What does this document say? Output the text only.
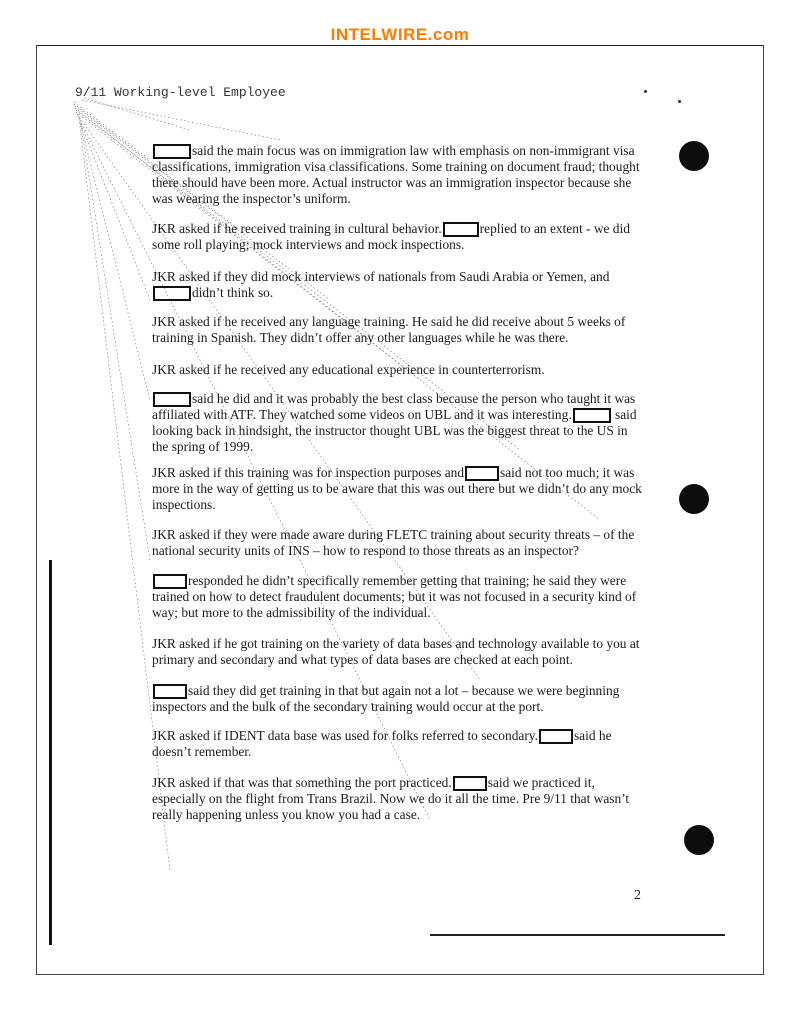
INTELWIRE.com
9/11 Working-level Employee

said the main focus was on immigration law with emphasis on non-immigrant visa classifications, immigration visa classifications. Some training on document fraud; thought there should have been more. Actual instructor was an immigration inspector because she was wearing the inspector’s uniform.

JKR asked if he received training in cultural behavior.	replied to an extent - we did some roll playing; mock interviews and mock inspections.

JKR asked if they did mock interviews of nationals from Saudi Arabia or Yemen, and didn’t think so.

JKR asked if he received any language training. He said he did receive about 5 weeks of training in Spanish. They didn’t offer any other languages while he was there.

JKR asked if he received any educational experience in counterterrorism.

said he did and it was probably the best class because the person who taught it was affiliated with ATF. They watched some videos on UBL and it was interesting.	said looking back in hindsight, the instructor thought UBL was the biggest threat to the US in the spring of 1999.

JKR asked if this training was for inspection purposes and	said not too much; it was more in the way of getting us to be aware that this was out there but we didn’t do any mock inspections.

JKR asked if they were made aware during FLETC training about security threats – of the national security units of INS – how to respond to those threats as an inspector?

responded he didn’t specifically remember getting that training; he said they were trained on how to detect fraudulent documents; but it was not focused in a security kind of way; but more to the admissibility of the individual.

JKR asked if he got training on the variety of data bases and technology available to you at primary and secondary and what types of data bases are checked at each point.

said they did get training in that but again not a lot – because we were beginning inspectors and the bulk of the secondary training would occur at the port.

JKR asked if IDENT data base was used for folks referred to secondary.	said he doesn’t remember.

JKR asked if that was that something the port practiced.	said we practiced it, especially on the flight from Trans Brazil. Now we do it all the time. Pre 9/11 that wasn’t really happening unless you know you had a case.

2
